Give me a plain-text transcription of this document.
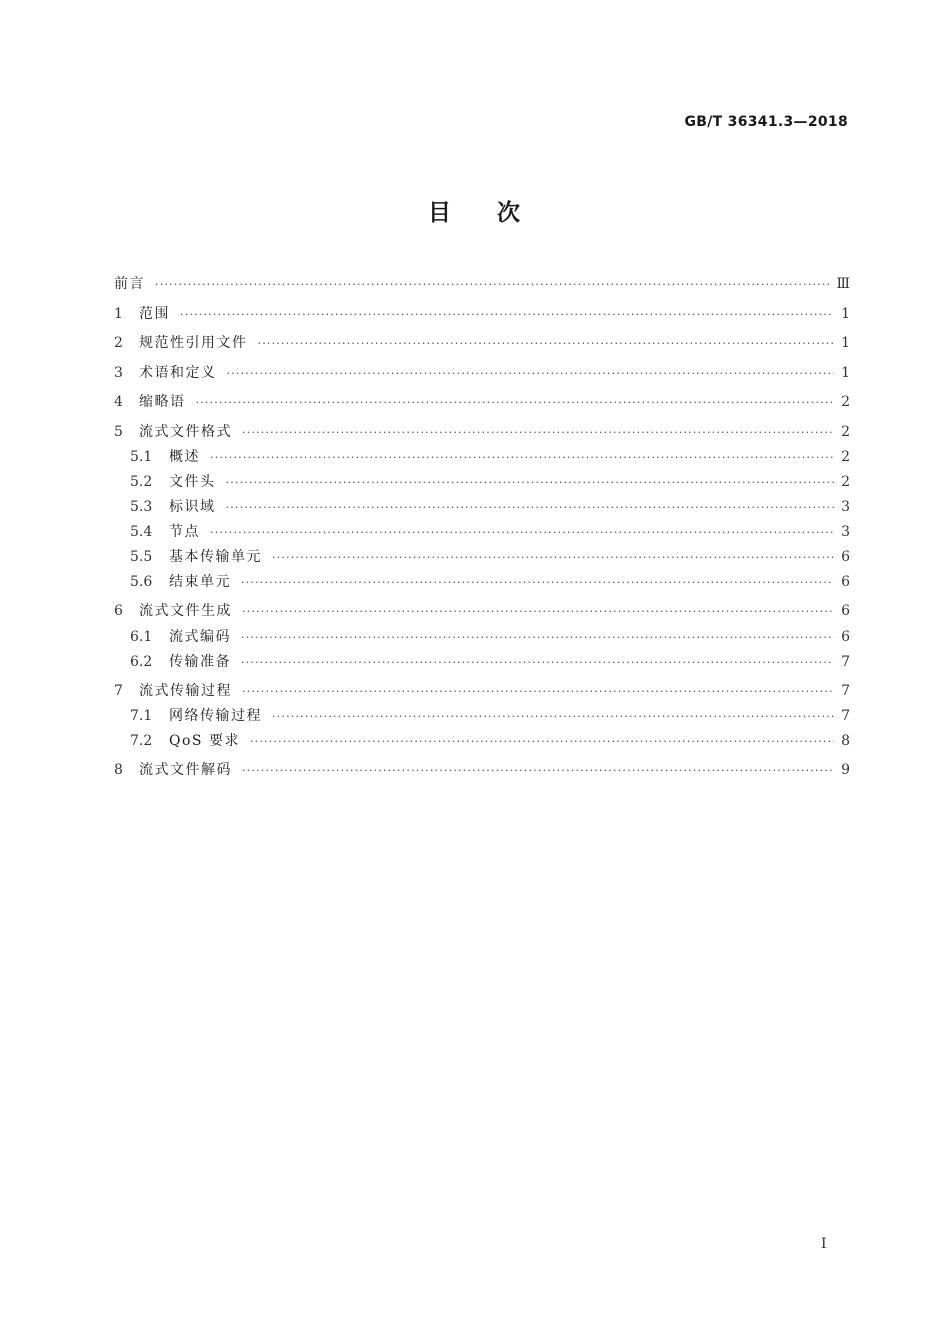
GB/T 36341.3—2018
目 次
前言 ·····	Ⅲ
1	范围 ·····	1
2	规范性引用文件 ·····	1
3	术语和定义 ·····	1
4	缩略语 ·····	2
5	流式文件格式 ·····	2
5.1	概述 ·····	2
5.2	文件头 ·····	2
5.3	标识域 ·····	3
5.4	节点 ·····	3
5.5	基本传输单元 ·····	6
5.6	结束单元 ·····	6
6	流式文件生成 ·····	6
6.1	流式编码 ·····	6
6.2	传输准备 ·····	7
7	流式传输过程 ·····	7
7.1	网络传输过程 ·····	7
7.2	QoS 要求 ·····	8
8	流式文件解码 ·····	9
I
